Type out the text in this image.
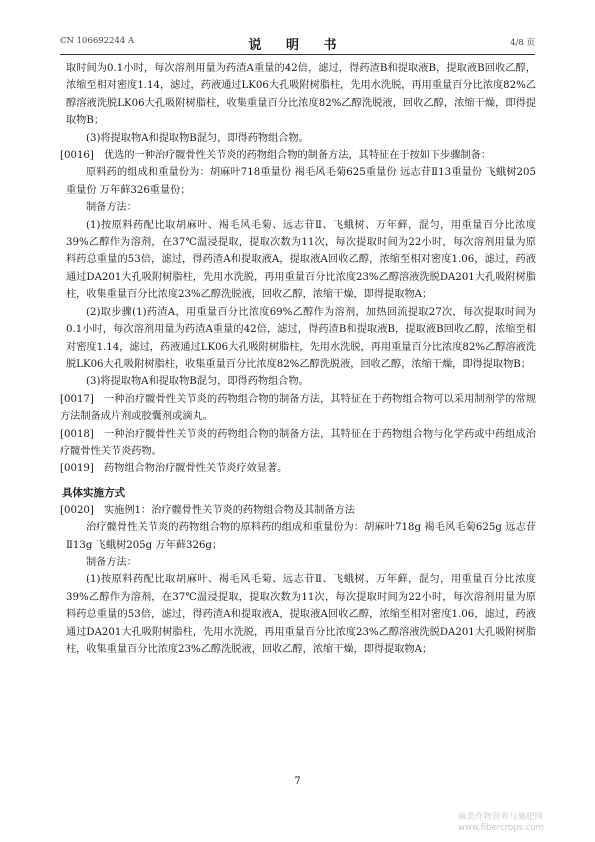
CN 106692244 A	说 明 书	4/8 页

取时间为0.1小时，每次溶剂用量为药渣A重量的42倍，滤过，得药渣B和提取液B，提取液B回收乙醇，浓缩至相对密度1.14，滤过，药液通过LK06大孔吸附树脂柱，先用水洗脱，再用重量百分比浓度82%乙醇溶液洗脱LK06大孔吸附树脂柱，收集重量百分比浓度82%乙醇洗脱液，回收乙醇，浓缩干燥，即得提取物B；

(3)将提取物A和提取物B混匀，即得药物组合物。

[0016] 优选的一种治疗髋骨性关节炎的药物组合物的制备方法，其特征在于按如下步骤制备：

原料药的组成和重量份为：胡麻叶718重量份 褐毛风毛菊625重量份 远志苷Ⅱ13重量份 飞蛾树205重量份 万年藓326重量份；

制备方法：

(1)按原料药配比取胡麻叶、褐毛风毛菊、远志苷Ⅱ、飞蛾树、万年藓，混匀，用重量百分比浓度39%乙醇作为溶剂，在37℃温浸提取，提取次数为11次，每次提取时间为22小时，每次溶剂用量为原料药总重量的53倍，滤过，得药渣A和提取液A，提取液A回收乙醇，浓缩至相对密度1.06，滤过，药液通过DA201大孔吸附树脂柱，先用水洗脱，再用重量百分比浓度23%乙醇溶液洗脱DA201大孔吸附树脂柱，收集重量百分比浓度23%乙醇洗脱液，回收乙醇，浓缩干燥，即得提取物A；

(2)取步骤(1)药渣A，用重量百分比浓度69%乙醇作为溶剂，加热回流提取27次，每次提取时间为0.1小时，每次溶剂用量为药渣A重量的42倍，滤过，得药渣B和提取液B，提取液B回收乙醇，浓缩至相对密度1.14，滤过，药液通过LK06大孔吸附树脂柱，先用水洗脱，再用重量百分比浓度82%乙醇溶液洗脱LK06大孔吸附树脂柱，收集重量百分比浓度82%乙醇洗脱液，回收乙醇，浓缩干燥，即得提取物B；

(3)将提取物A和提取物B混匀，即得药物组合物。

[0017] 一种治疗髋骨性关节炎的药物组合物的制备方法，其特征在于药物组合物可以采用制剂学的常规方法制备成片剂或胶囊剂或滴丸。

[0018] 一种治疗髋骨性关节炎的药物组合物的制备方法，其特征在于药物组合物与化学药或中药组成治疗髋骨性关节炎药物。

[0019] 药物组合物治疗髋骨性关节炎疗效显著。

具体实施方式

[0020] 实施例1：治疗髋骨性关节炎的药物组合物及其制备方法

治疗髋骨性关节炎的药物组合物的原料药的组成和重量份为：胡麻叶718g 褐毛风毛菊625g 远志苷Ⅱ13g 飞蛾树205g 万年藓326g；

制备方法：

(1)按原料药配比取胡麻叶、褐毛风毛菊、远志苷Ⅱ、飞蛾树、万年藓，混匀，用重量百分比浓度39%乙醇作为溶剂，在37℃温浸提取，提取次数为11次，每次提取时间为22小时，每次溶剂用量为原料药总重量的53倍，滤过，得药渣A和提取液A，提取液A回收乙醇，浓缩至相对密度1.06，滤过，药液通过DA201大孔吸附树脂柱，先用水洗脱，再用重量百分比浓度23%乙醇溶液洗脱DA201大孔吸附树脂柱，收集重量百分比浓度23%乙醇洗脱液，回收乙醇，浓缩干燥，即得提取物A；

7
麻类作物营养与施肥网
www.fibercrops.com
